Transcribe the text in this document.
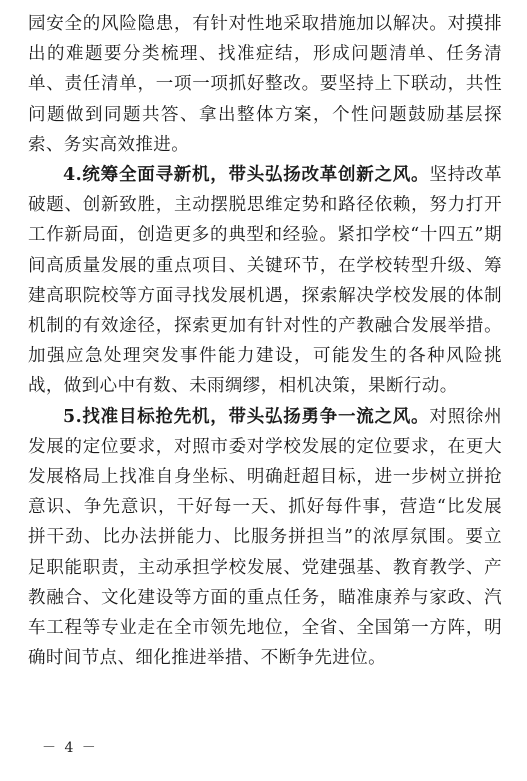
园安全的风险隐患，有针对性地采取措施加以解决。对摸排出的难题要分类梳理、找准症结，形成问题清单、任务清单、责任清单，一项一项抓好整改。要坚持上下联动，共性问题做到同题共答、拿出整体方案，个性问题鼓励基层探索、务实高效推进。

4.统筹全面寻新机，带头弘扬改革创新之风。坚持改革破题、创新致胜，主动摆脱思维定势和路径依赖，努力打开工作新局面，创造更多的典型和经验。紧扣学校“十四五”期间高质量发展的重点项目、关键环节，在学校转型升级、筹建高职院校等方面寻找发展机遇，探索解决学校发展的体制机制的有效途径，探索更加有针对性的产教融合发展举措。加强应急处理突发事件能力建设，可能发生的各种风险挑战，做到心中有数、未雨绸缪，相机决策，果断行动。

5.找准目标抢先机，带头弘扬勇争一流之风。对照徐州发展的定位要求，对照市委对学校发展的定位要求，在更大发展格局上找准自身坐标、明确赶超目标，进一步树立拼抢意识、争先意识，干好每一天、抓好每件事，营造“比发展拼干劲、比办法拼能力、比服务拼担当”的浓厚氛围。要立足职能职责，主动承担学校发展、党建强基、教育教学、产教融合、文化建设等方面的重点任务，瞄准康养与家政、汽车工程等专业走在全市领先地位，全省、全国第一方阵，明确时间节点、细化推进举措、不断争先进位。

－ 4 －
